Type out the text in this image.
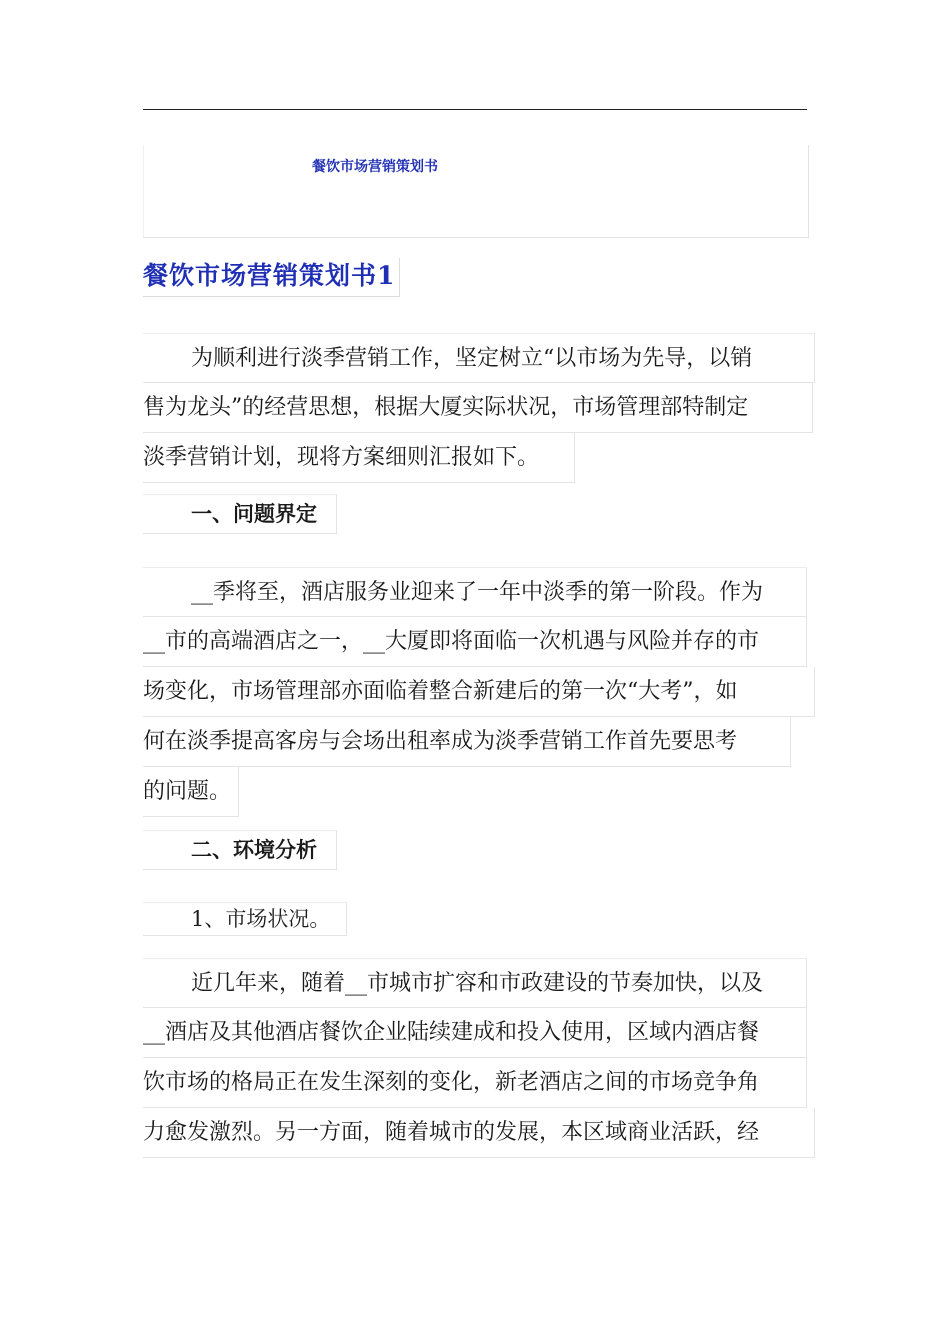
餐饮市场营销策划书
餐饮市场营销策划书1
为顺利进行淡季营销工作，坚定树立“以市场为先导，以销
售为龙头”的经营思想，根据大厦实际状况，市场管理部特制定
淡季营销计划，现将方案细则汇报如下。
一、问题界定
__季将至，酒店服务业迎来了一年中淡季的第一阶段。作为
__市的高端酒店之一，__大厦即将面临一次机遇与风险并存的市
场变化，市场管理部亦面临着整合新建后的第一次“大考”，如
何在淡季提高客房与会场出租率成为淡季营销工作首先要思考
的问题。
二、环境分析
1、市场状况。
近几年来，随着__市城市扩容和市政建设的节奏加快，以及
__酒店及其他酒店餐饮企业陆续建成和投入使用，区域内酒店餐
饮市场的格局正在发生深刻的变化，新老酒店之间的市场竞争角
力愈发激烈。另一方面，随着城市的发展，本区域商业活跃，经
